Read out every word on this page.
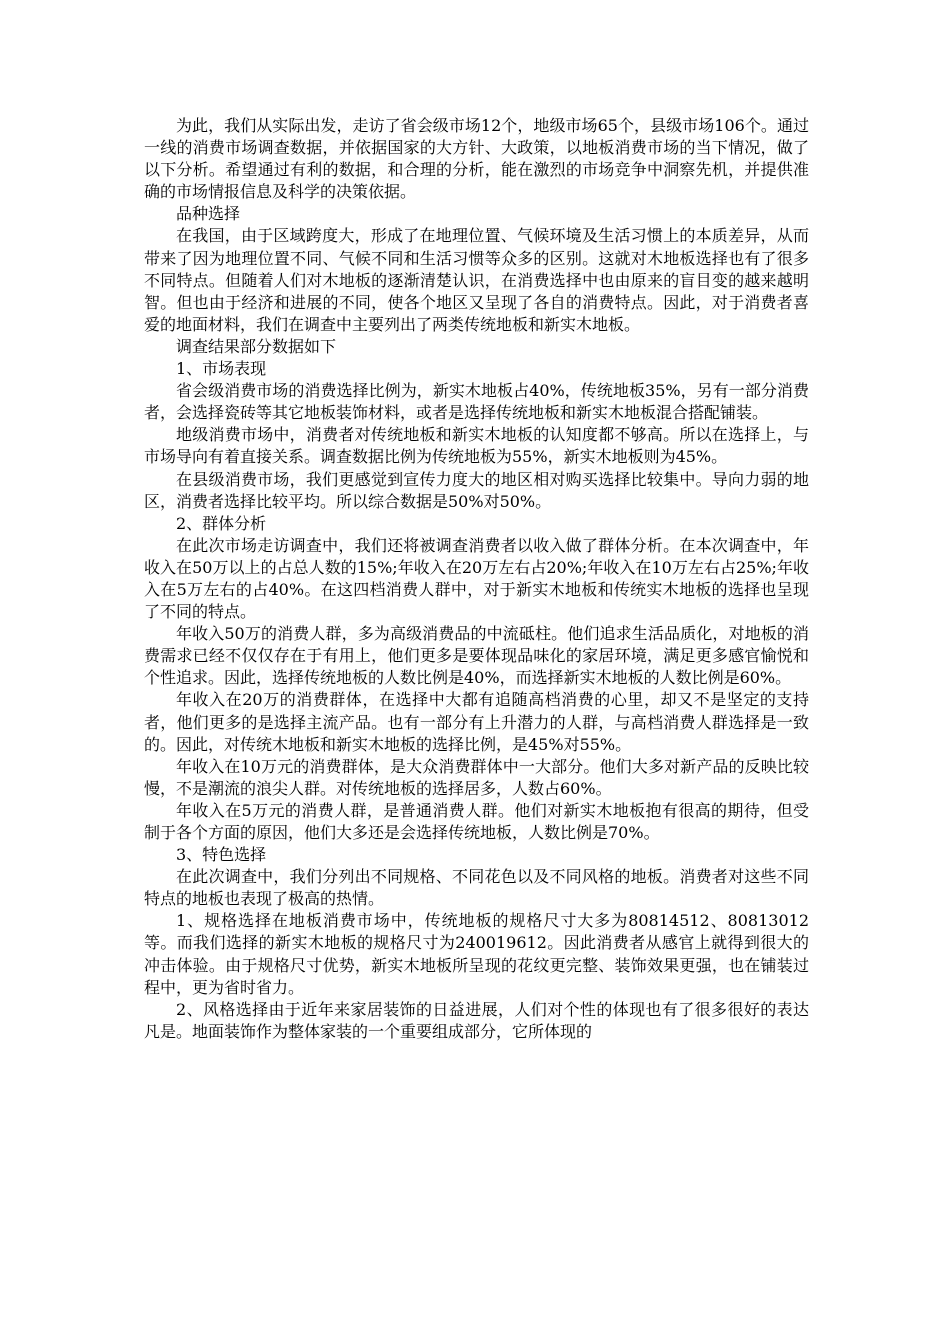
为此，我们从实际出发，走访了省会级市场12个，地级市场65个，县级市场106个。通过一线的消费市场调查数据，并依据国家的大方针、大政策，以地板消费市场的当下情况，做了以下分析。希望通过有利的数据，和合理的分析，能在激烈的市场竞争中洞察先机，并提供准确的市场情报信息及科学的决策依据。

品种选择

在我国，由于区域跨度大，形成了在地理位置、气候环境及生活习惯上的本质差异，从而带来了因为地理位置不同、气候不同和生活习惯等众多的区别。这就对木地板选择也有了很多不同特点。但随着人们对木地板的逐渐清楚认识，在消费选择中也由原来的盲目变的越来越明智。但也由于经济和进展的不同，使各个地区又呈现了各自的消费特点。因此，对于消费者喜爱的地面材料，我们在调查中主要列出了两类传统地板和新实木地板。

调查结果部分数据如下

1、市场表现

省会级消费市场的消费选择比例为，新实木地板占40%，传统地板35%，另有一部分消费者，会选择瓷砖等其它地板装饰材料，或者是选择传统地板和新实木地板混合搭配铺装。

地级消费市场中，消费者对传统地板和新实木地板的认知度都不够高。所以在选择上，与市场导向有着直接关系。调查数据比例为传统地板为55%，新实木地板则为45%。

在县级消费市场，我们更感觉到宣传力度大的地区相对购买选择比较集中。导向力弱的地区，消费者选择比较平均。所以综合数据是50%对50%。

2、群体分析

在此次市场走访调查中，我们还将被调查消费者以收入做了群体分析。在本次调查中，年收入在50万以上的占总人数的15%;年收入在20万左右占20%;年收入在10万左右占25%;年收入在5万左右的占40%。在这四档消费人群中，对于新实木地板和传统实木地板的选择也呈现了不同的特点。

年收入50万的消费人群，多为高级消费品的中流砥柱。他们追求生活品质化，对地板的消费需求已经不仅仅存在于有用上，他们更多是要体现品味化的家居环境，满足更多感官愉悦和个性追求。因此，选择传统地板的人数比例是40%，而选择新实木地板的人数比例是60%。

年收入在20万的消费群体，在选择中大都有追随高档消费的心里，却又不是坚定的支持者，他们更多的是选择主流产品。也有一部分有上升潜力的人群，与高档消费人群选择是一致的。因此，对传统木地板和新实木地板的选择比例，是45%对55%。

年收入在10万元的消费群体，是大众消费群体中一大部分。他们大多对新产品的反映比较慢，不是潮流的浪尖人群。对传统地板的选择居多，人数占60%。

年收入在5万元的消费人群，是普通消费人群。他们对新实木地板抱有很高的期待，但受制于各个方面的原因，他们大多还是会选择传统地板，人数比例是70%。

3、特色选择

在此次调查中，我们分列出不同规格、不同花色以及不同风格的地板。消费者对这些不同特点的地板也表现了极高的热情。

1、规格选择在地板消费市场中，传统地板的规格尺寸大多为80814512、80813012等。而我们选择的新实木地板的规格尺寸为240019612。因此消费者从感官上就得到很大的冲击体验。由于规格尺寸优势，新实木地板所呈现的花纹更完整、装饰效果更强，也在铺装过程中，更为省时省力。

2、风格选择由于近年来家居装饰的日益进展，人们对个性的体现也有了很多很好的表达凡是。地面装饰作为整体家装的一个重要组成部分，它所体现的
